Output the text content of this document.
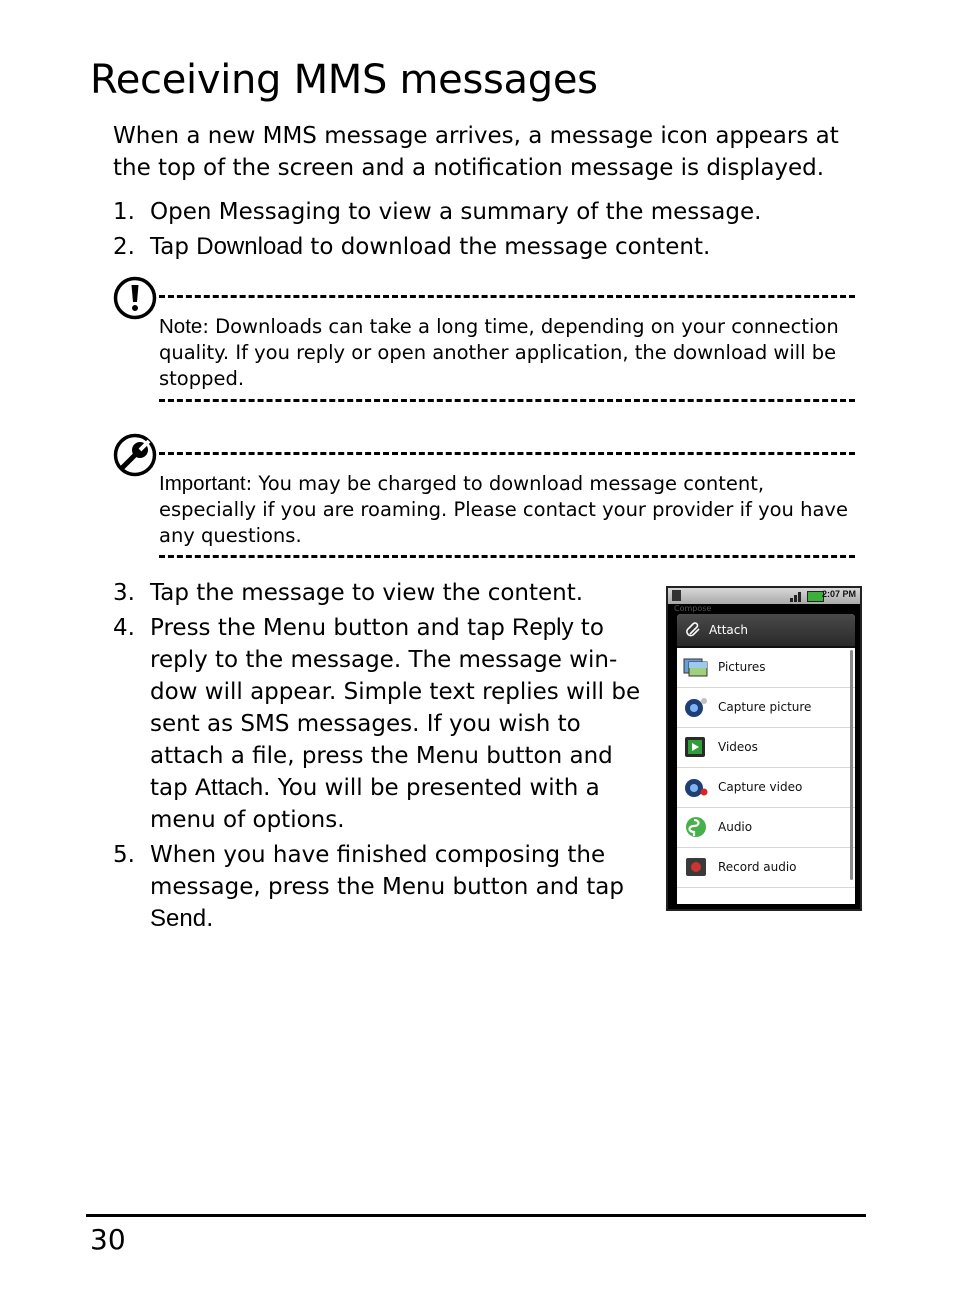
Receiving MMS messages
When a new MMS message arrives, a message icon appears at the top of the screen and a notification message is displayed.
1. Open Messaging to view a summary of the message.
2. Tap Download to download the message content.
Note: Downloads can take a long time, depending on your connection quality. If you reply or open another application, the download will be stopped.
Important: You may be charged to download message content, especially if you are roaming. Please contact your provider if you have any questions.
3. Tap the message to view the content.
4. Press the Menu button and tap Reply to reply to the message. The message win-dow will appear. Simple text replies will be sent as SMS messages. If you wish to attach a file, press the Menu button and tap Attach. You will be presented with a menu of options.
5. When you have finished composing the message, press the Menu button and tap Send.
2:07 PM
Compose
Attach
Pictures
Capture picture
Videos
Capture video
Audio
Record audio
30
